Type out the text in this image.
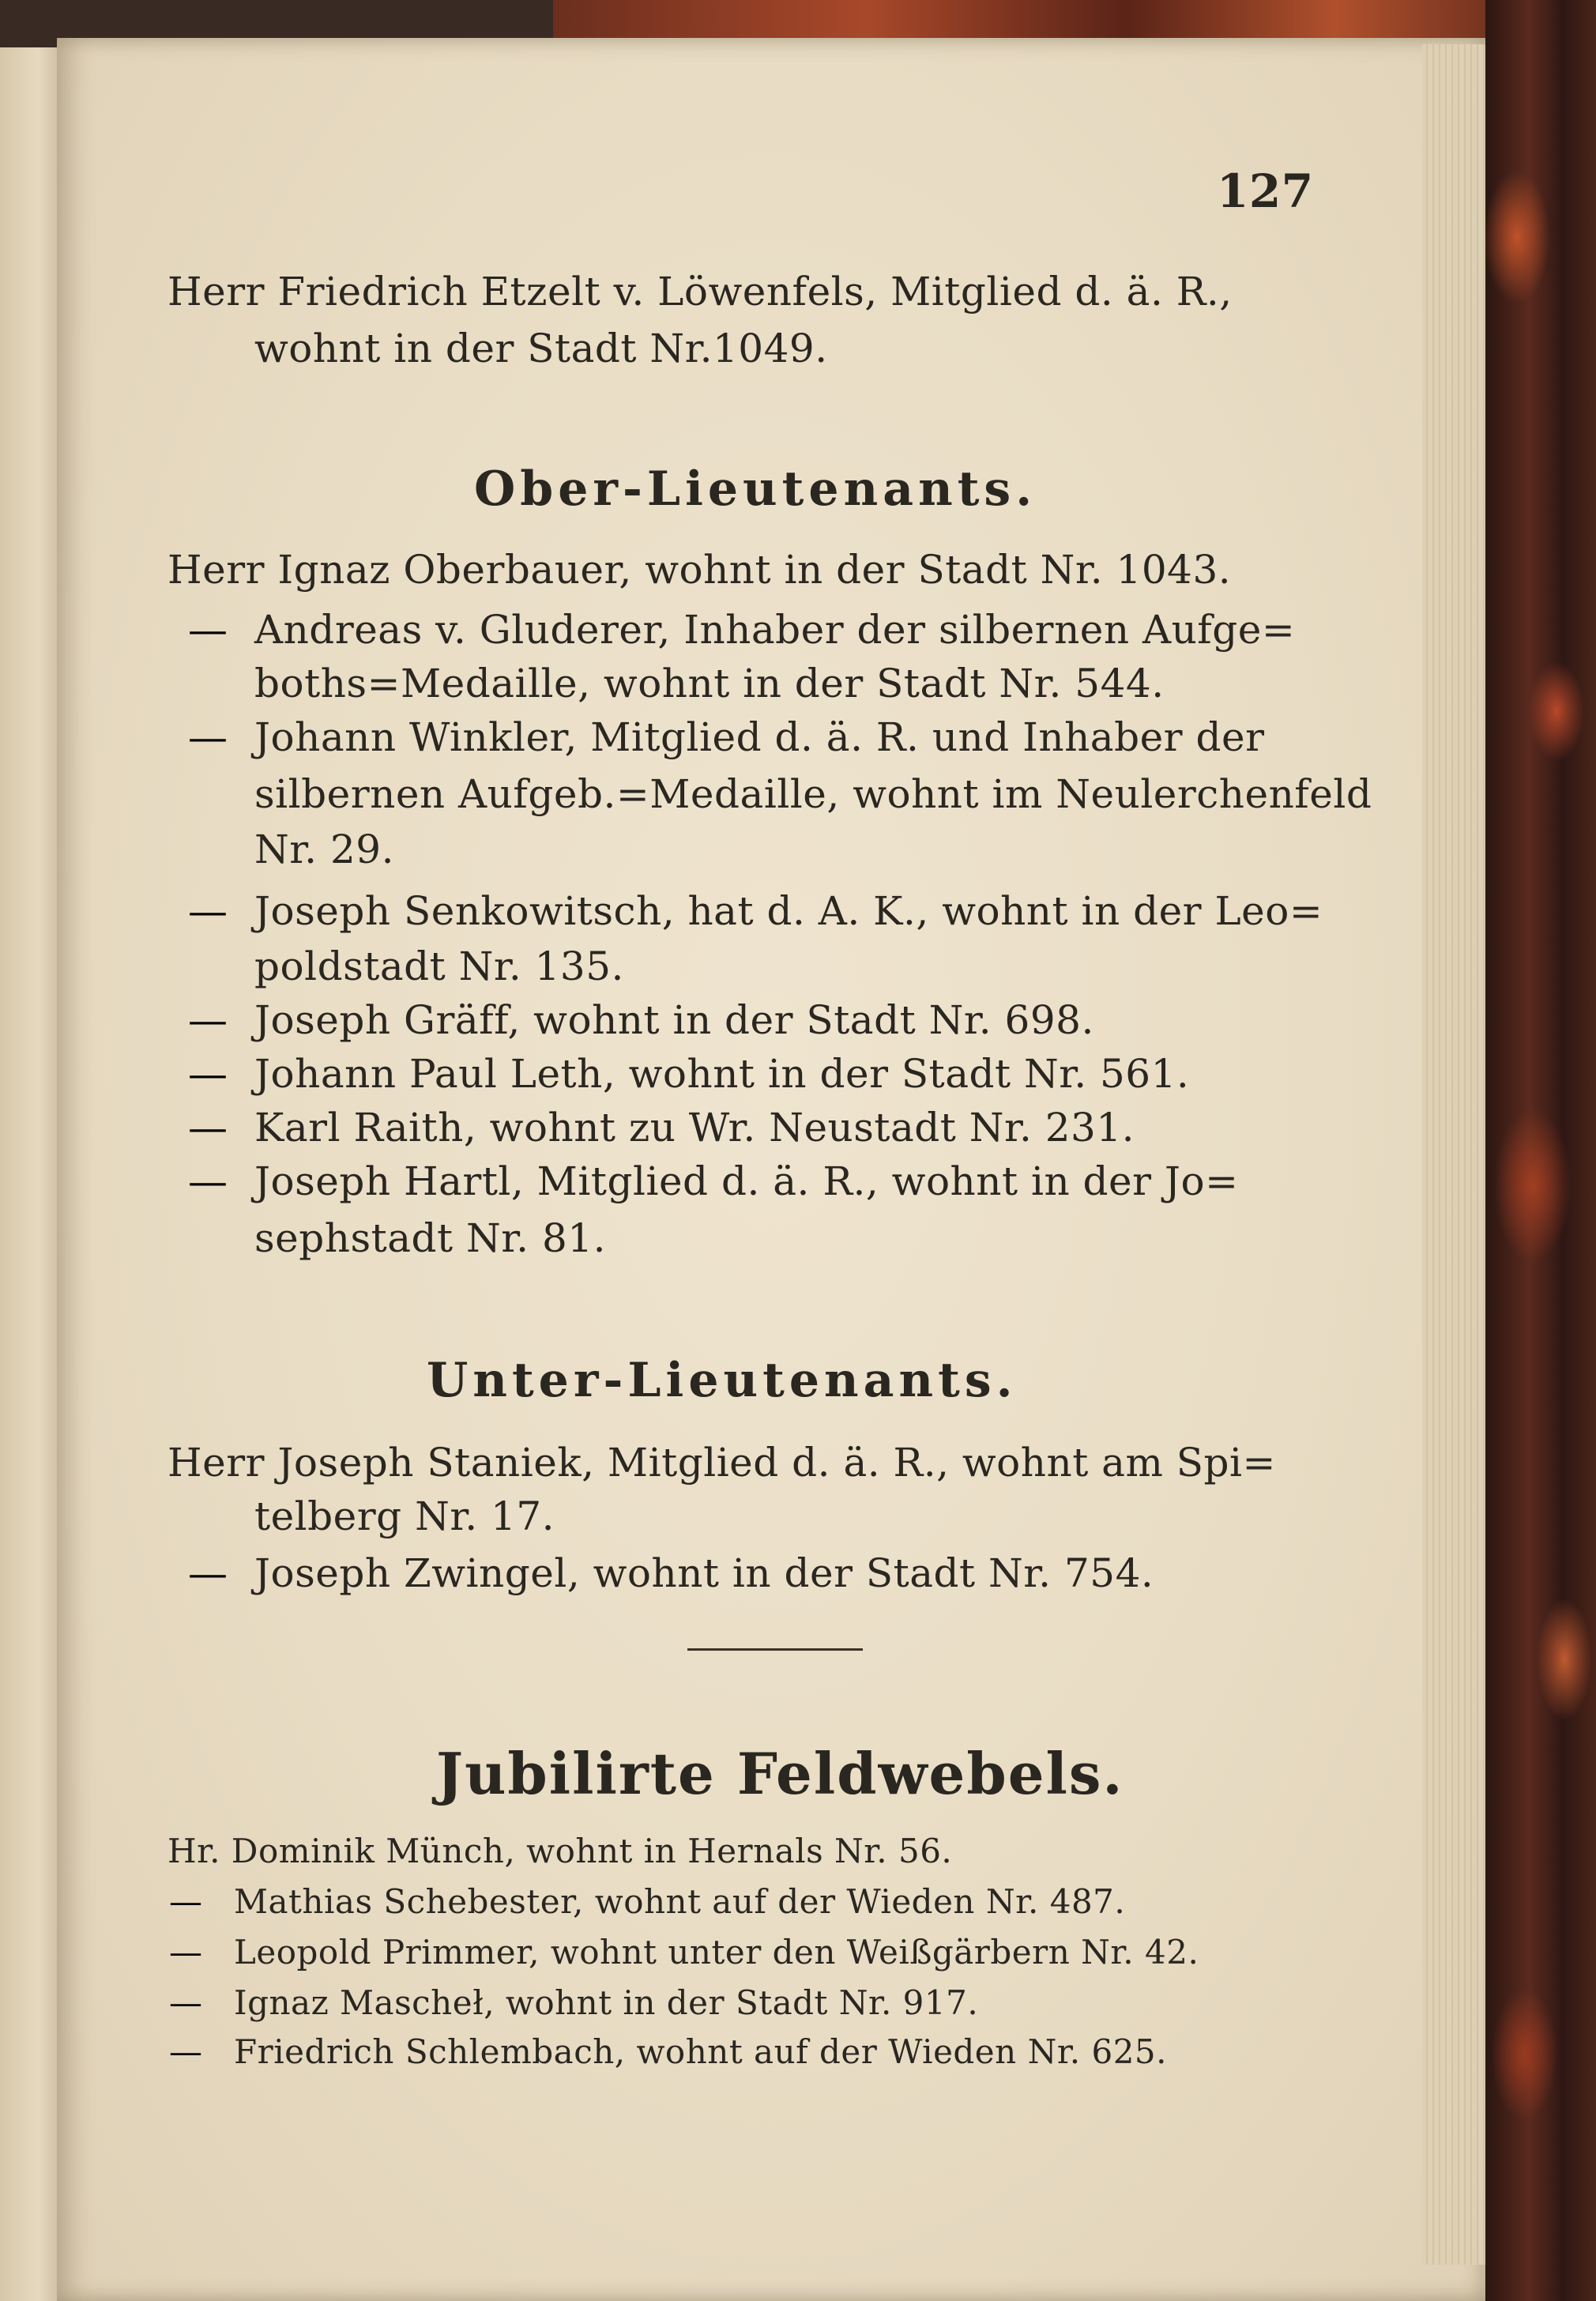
127
Herr Friedrich Etzelt v. Löwenfels, Mitglied d. ä. R.,
wohnt in der Stadt Nr.1049.
Ober-Lieutenants.
Herr Ignaz Oberbauer, wohnt in der Stadt Nr. 1043.
— Andreas v. Gluderer, Inhaber der silbernen Aufge=
boths=Medaille, wohnt in der Stadt Nr. 544.
— Johann Winkler, Mitglied d. ä. R. und Inhaber der
silbernen Aufgeb.=Medaille, wohnt im Neulerchenfeld
Nr. 29.
— Joseph Senkowitsch, hat d. A. K., wohnt in der Leo=
poldstadt Nr. 135.
— Joseph Gräff, wohnt in der Stadt Nr. 698.
— Johann Paul Leth, wohnt in der Stadt Nr. 561.
— Karl Raith, wohnt zu Wr. Neustadt Nr. 231.
— Joseph Hartl, Mitglied d. ä. R., wohnt in der Jo=
sephstadt Nr. 81.
Unter-Lieutenants.
Herr Joseph Staniek, Mitglied d. ä. R., wohnt am Spi=
telberg Nr. 17.
— Joseph Zwingel, wohnt in der Stadt Nr. 754.
Jubilirte Feldwebels.
Hr. Dominik Münch, wohnt in Hernals Nr. 56.
— Mathias Schebester, wohnt auf der Wieden Nr. 487.
— Leopold Primmer, wohnt unter den Weißgärbern Nr. 42.
— Ignaz Mascheł, wohnt in der Stadt Nr. 917.
— Friedrich Schlembach, wohnt auf der Wieden Nr. 625.
